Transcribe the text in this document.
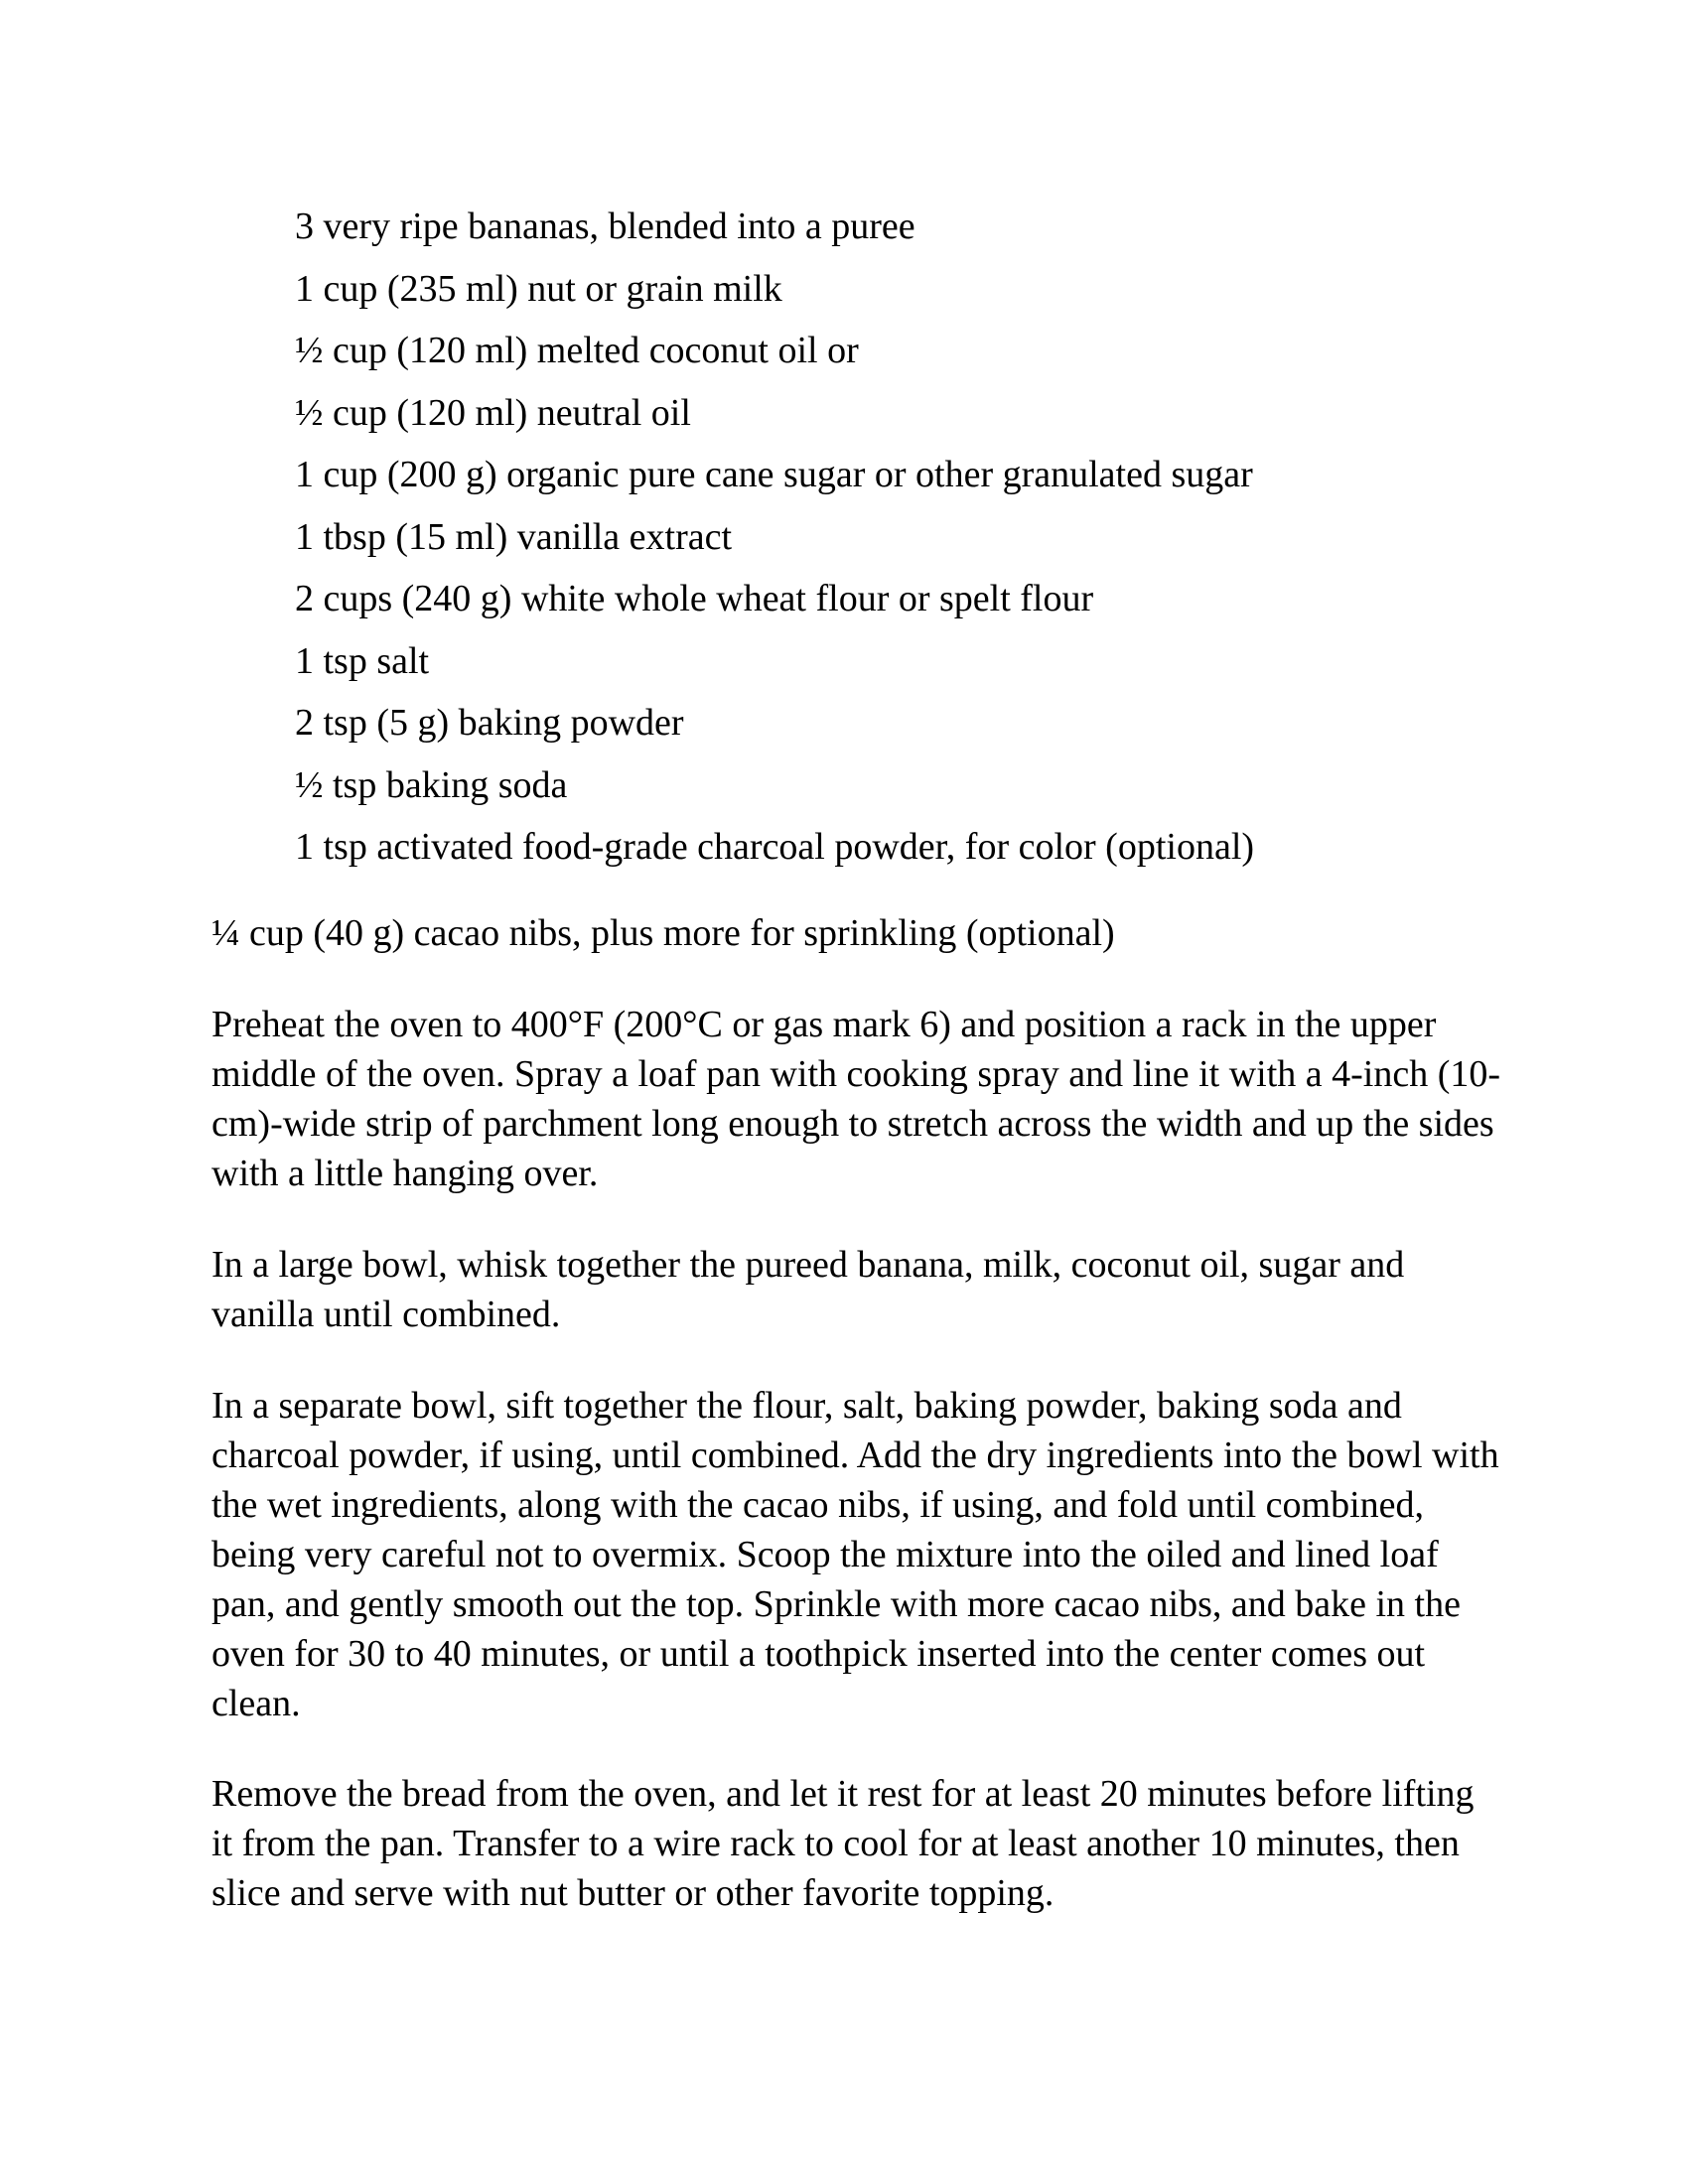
3 very ripe bananas, blended into a puree
1 cup (235 ml) nut or grain milk
½ cup (120 ml) melted coconut oil or
½ cup (120 ml) neutral oil
1 cup (200 g) organic pure cane sugar or other granulated sugar
1 tbsp (15 ml) vanilla extract
2 cups (240 g) white whole wheat flour or spelt flour
1 tsp salt
2 tsp (5 g) baking powder
½ tsp baking soda
1 tsp activated food-grade charcoal powder, for color (optional)

¼ cup (40 g) cacao nibs, plus more for sprinkling (optional)

Preheat the oven to 400°F (200°C or gas mark 6) and position a rack in the upper middle of the oven. Spray a loaf pan with cooking spray and line it with a 4-inch (10-cm)-wide strip of parchment long enough to stretch across the width and up the sides with a little hanging over.

In a large bowl, whisk together the pureed banana, milk, coconut oil, sugar and vanilla until combined.

In a separate bowl, sift together the flour, salt, baking powder, baking soda and charcoal powder, if using, until combined. Add the dry ingredients into the bowl with the wet ingredients, along with the cacao nibs, if using, and fold until combined, being very careful not to overmix. Scoop the mixture into the oiled and lined loaf pan, and gently smooth out the top. Sprinkle with more cacao nibs, and bake in the oven for 30 to 40 minutes, or until a toothpick inserted into the center comes out clean.

Remove the bread from the oven, and let it rest for at least 20 minutes before lifting it from the pan. Transfer to a wire rack to cool for at least another 10 minutes, then slice and serve with nut butter or other favorite topping.
